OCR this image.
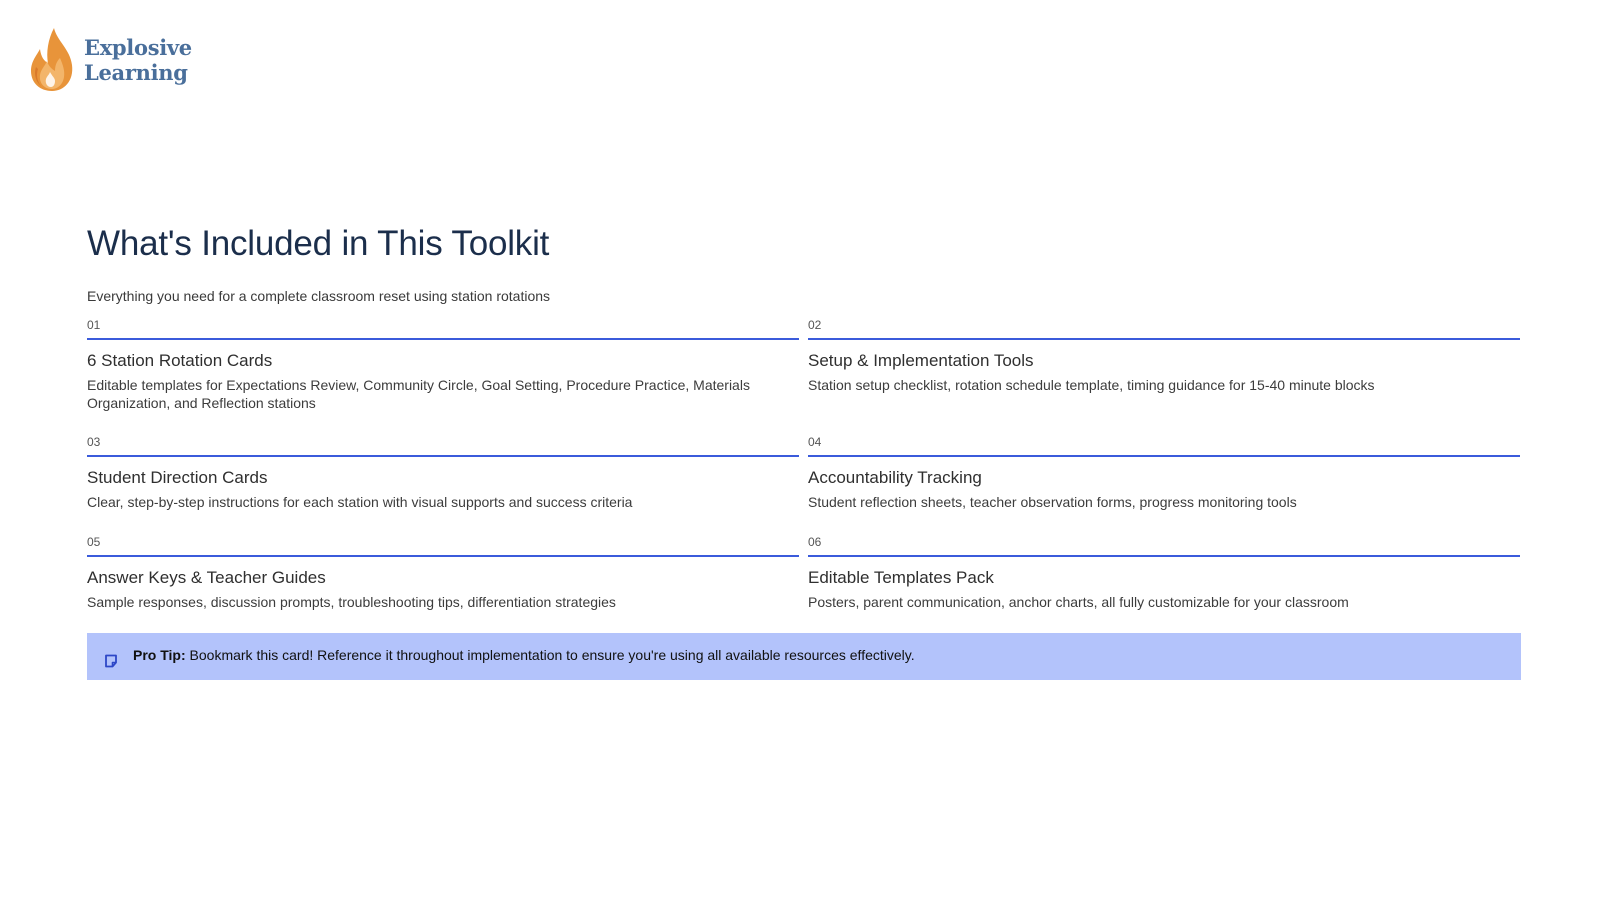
Explosive
Learning
What's Included in This Toolkit

Everything you need for a complete classroom reset using station rotations

01
6 Station Rotation Cards
Editable templates for Expectations Review, Community Circle, Goal Setting, Procedure Practice, Materials Organization, and Reflection stations
02
Setup & Implementation Tools
Station setup checklist, rotation schedule template, timing guidance for 15-40 minute blocks
03
Student Direction Cards
Clear, step-by-step instructions for each station with visual supports and success criteria
04
Accountability Tracking
Student reflection sheets, teacher observation forms, progress monitoring tools
05
Answer Keys & Teacher Guides
Sample responses, discussion prompts, troubleshooting tips, differentiation strategies
06
Editable Templates Pack
Posters, parent communication, anchor charts, all fully customizable for your classroom
Pro Tip: Bookmark this card! Reference it throughout implementation to ensure you're using all available resources effectively.
